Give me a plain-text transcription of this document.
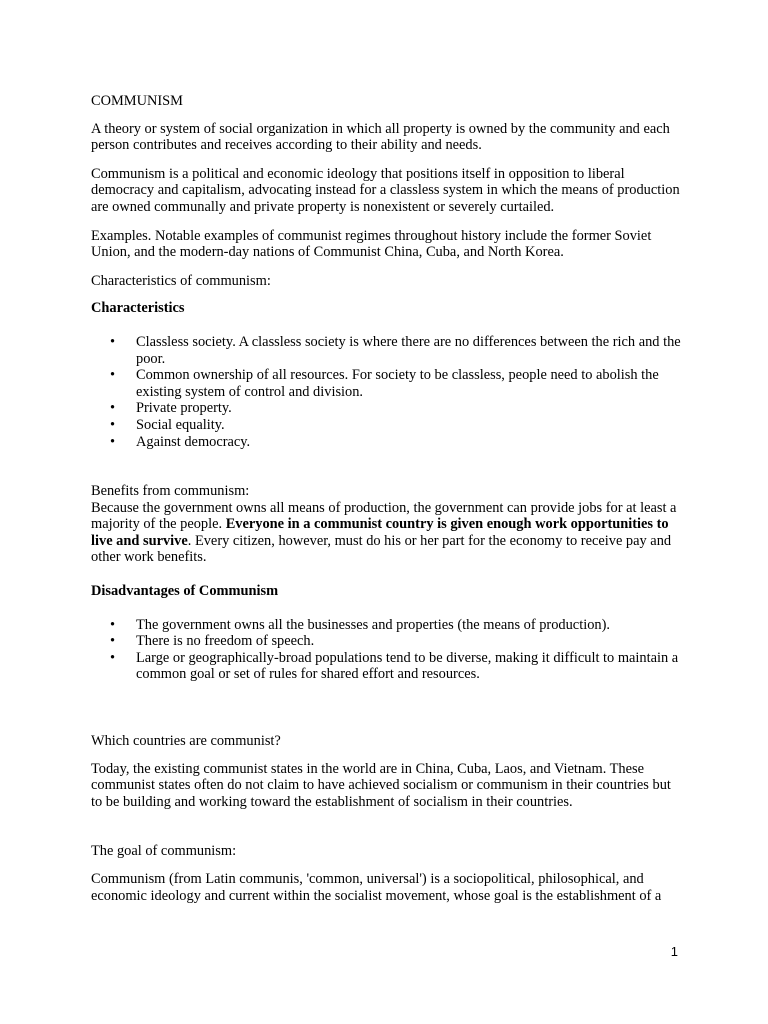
COMMUNISM

A theory or system of social organization in which all property is owned by the community and each person contributes and receives according to their ability and needs.

Communism is a political and economic ideology that positions itself in opposition to liberal democracy and capitalism, advocating instead for a classless system in which the means of production are owned communally and private property is nonexistent or severely curtailed.

Examples. Notable examples of communist regimes throughout history include the former Soviet Union, and the modern-day nations of Communist China, Cuba, and North Korea.

Characteristics of communism:

Characteristics

• Classless society. A classless society is where there are no differences between the rich and the poor.
• Common ownership of all resources. For society to be classless, people need to abolish the existing system of control and division.
• Private property.
• Social equality.
• Against democracy.

Benefits from communism:

Because the government owns all means of production, the government can provide jobs for at least a majority of the people. Everyone in a communist country is given enough work opportunities to live and survive. Every citizen, however, must do his or her part for the economy to receive pay and other work benefits.

Disadvantages of Communism

• The government owns all the businesses and properties (the means of production).
• There is no freedom of speech.
• Large or geographically-broad populations tend to be diverse, making it difficult to maintain a common goal or set of rules for shared effort and resources.

Which countries are communist?

Today, the existing communist states in the world are in China, Cuba, Laos, and Vietnam. These communist states often do not claim to have achieved socialism or communism in their countries but to be building and working toward the establishment of socialism in their countries.

The goal of communism:

Communism (from Latin communis, 'common, universal') is a sociopolitical, philosophical, and economic ideology and current within the socialist movement, whose goal is the establishment of a

1
